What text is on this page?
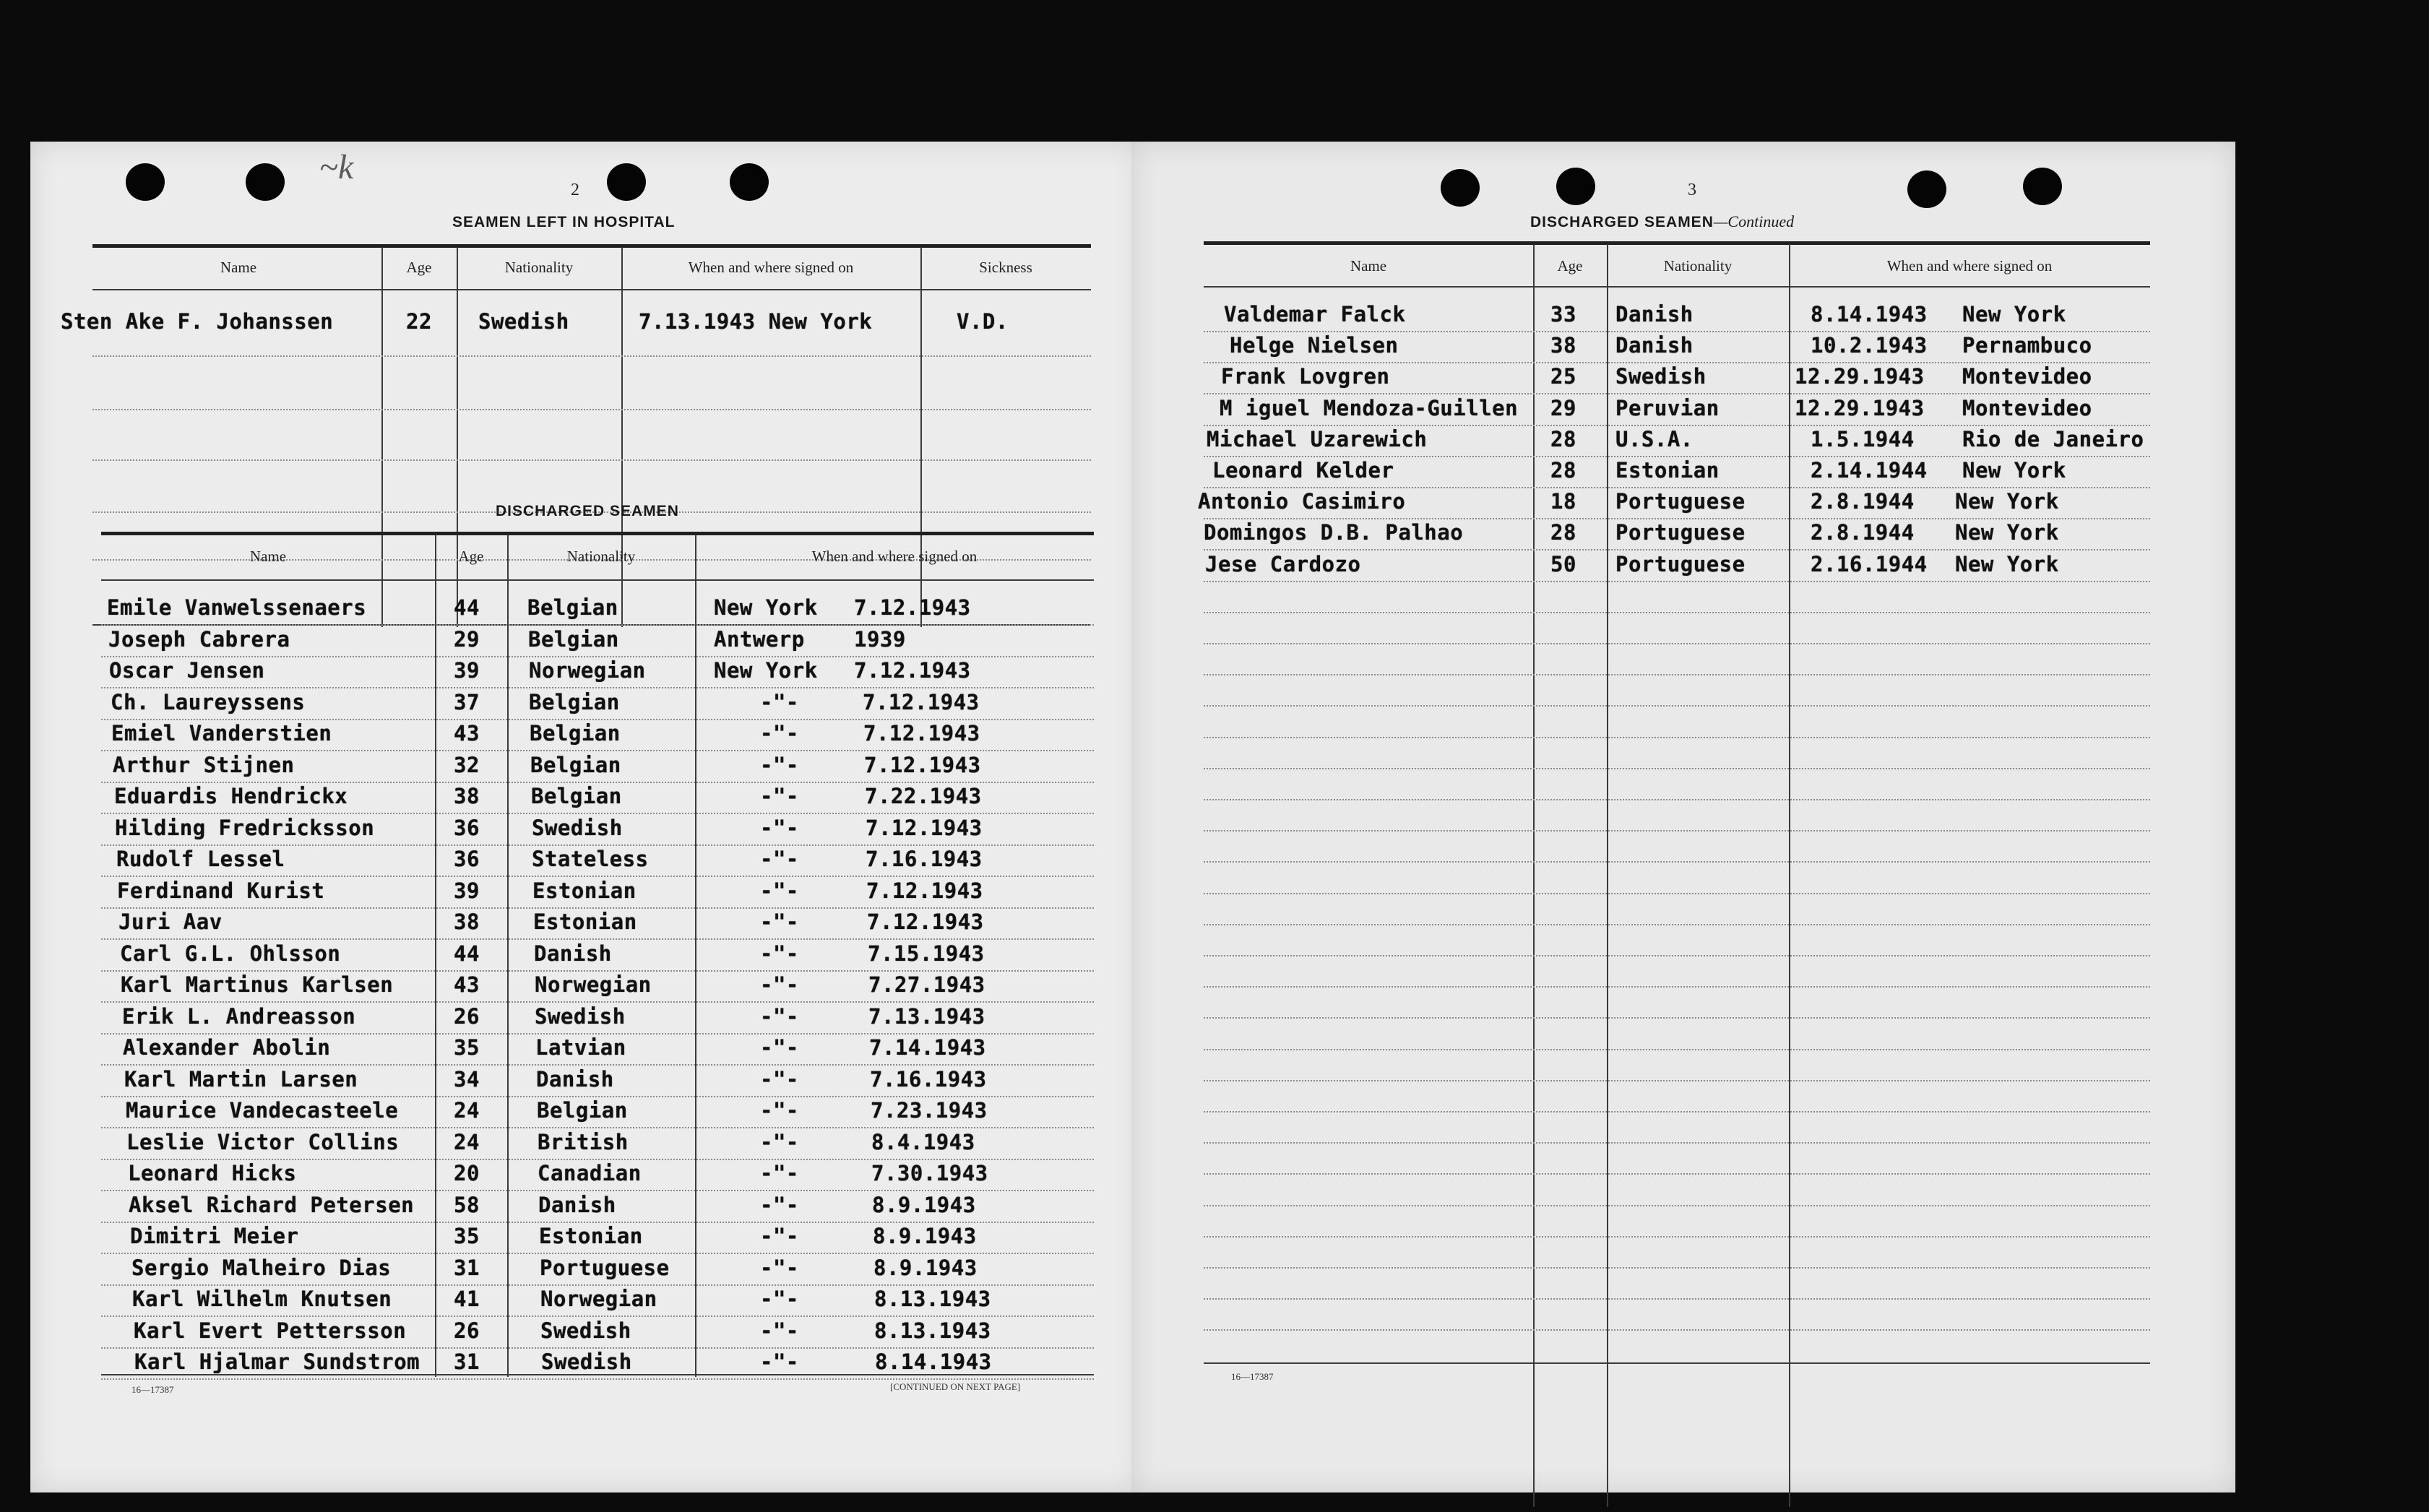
~k
2
SEAMEN LEFT IN HOSPITAL
Name	Age	Nationality	When and where signed on	Sickness
Sten Ake F. Johanssen	22 Swedish	7.13.1943 New York	V.D.
DISCHARGED SEAMEN
Name	Age	Nationality	When and where signed on
Emile Vanwelssenaers	44 Belgian	New York 7.12.1943
Joseph Cabrera	29 Belgian	Antwerp 1939
Oscar Jensen	39 Norwegian	New York 7.12.1943
Ch. Laureyssens	37 Belgian	-"-	7.12.1943
Emiel Vanderstien	43 Belgian	-"-	7.12.1943
Arthur Stijnen	32 Belgian	-"-	7.12.1943
Eduardis Hendrickx	38 Belgian	-"-	7.22.1943
Hilding Fredricksson	36 Swedish	-"-	7.12.1943
Rudolf Lessel	36 Stateless	-"-	7.16.1943
Ferdinand Kurist	39	Estonian	-"-	7.12.1943
Juri Aav	38	Estonian	-"-	7.12.1943
Carl G.L. Ohlsson	44	Danish	-"-	7.15.1943
Karl Martinus Karlsen	43	Norwegian	-"-	7.27.1943
Erik L. Andreasson	26	Swedish	-"-	7.13.1943
Alexander Abolin	35	Latvian	-"-	7.14.1943
Karl Martin Larsen	34	Danish	-"-	7.16.1943
Maurice Vandecasteele	24	Belgian	-"-	7.23.1943
Leslie Victor Collins	24	British	-"-	8.4.1943
Leonard Hicks	20	Canadian	-"-	7.30.1943
Aksel Richard Petersen 58	Danish	-"-	8.9.1943
Dimitri Meier	35	Estonian	-"-	8.9.1943
Sergio Malheiro Dias	31	Portuguese	-"-	8.9.1943
Karl Wilhelm Knutsen	41	Norwegian	-"-	8.13.1943
Karl Evert Pettersson 26	Swedish	-"-	8.13.1943
Karl Hjalmar Sundstrom 31	Swedish	-"-	8.14.1943
16—17387	[CONTINUED ON NEXT PAGE]
3
DISCHARGED SEAMEN—Continued
Name	Age	Nationality	When and where signed on
Valdemar Falck	33 Danish	8.14.1943 New York
Helge Nielsen	38 Danish	10.2.1943 Pernambuco
Frank Lovgren	25 Swedish	12.29.1943 Montevideo
M iguel Mendoza-Guillen 29 Peruvian	12.29.1943 Montevideo
Michael Uzarewich	28 U.S.A.	1.5.1944 Rio de Janeiro
Leonard Kelder	28 Estonian	2.14.1944 New York
Antonio Casimiro	18 Portuguese	2.8.1944 New York
Domingos D.B. Palhao	28 Portuguese	2.8.1944 New York
Jese Cardozo	50 Portuguese	2.16.1944 New York
16—17387
